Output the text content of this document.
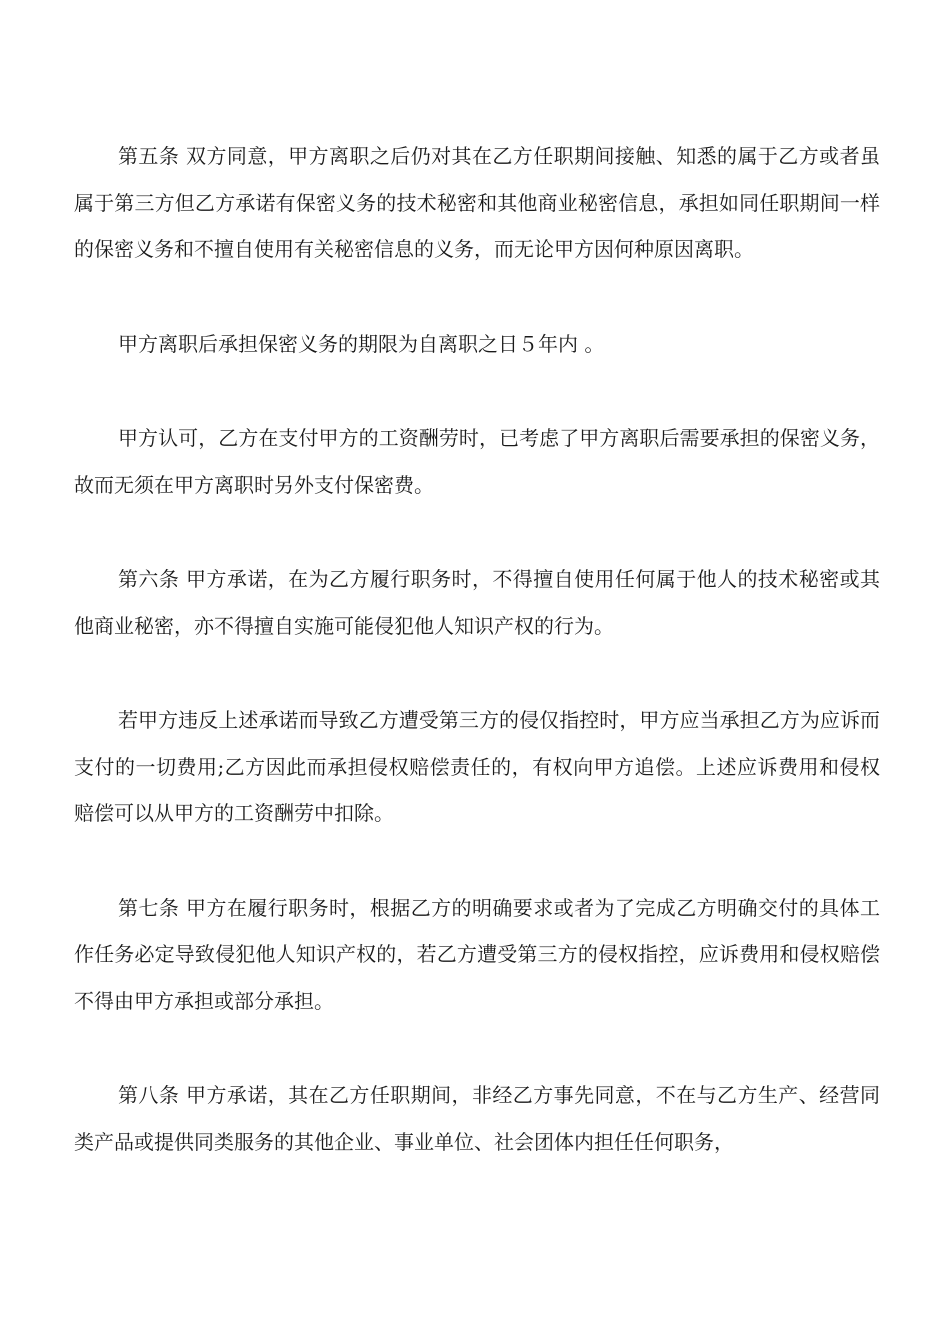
第五条 双方同意，甲方离职之后仍对其在乙方任职期间接触、知悉的属于乙方或者虽属于第三方但乙方承诺有保密义务的技术秘密和其他商业秘密信息，承担如同任职期间一样的保密义务和不擅自使用有关秘密信息的义务，而无论甲方因何种原因离职。

甲方离职后承担保密义务的期限为自离职之日５年内 。

甲方认可，乙方在支付甲方的工资酬劳时，已考虑了甲方离职后需要承担的保密义务，故而无须在甲方离职时另外支付保密费。

第六条 甲方承诺，在为乙方履行职务时，不得擅自使用任何属于他人的技术秘密或其他商业秘密，亦不得擅自实施可能侵犯他人知识产权的行为。

若甲方违反上述承诺而导致乙方遭受第三方的侵仅指控时，甲方应当承担乙方为应诉而支付的一切费用;乙方因此而承担侵权赔偿责任的，有权向甲方追偿。上述应诉费用和侵权赔偿可以从甲方的工资酬劳中扣除。

第七条 甲方在履行职务时，根据乙方的明确要求或者为了完成乙方明确交付的具体工作任务必定导致侵犯他人知识产权的，若乙方遭受第三方的侵权指控，应诉费用和侵权赔偿不得由甲方承担或部分承担。

第八条 甲方承诺，其在乙方任职期间，非经乙方事先同意，不在与乙方生产、经营同类产品或提供同类服务的其他企业、事业单位、社会团体内担任任何职务，
